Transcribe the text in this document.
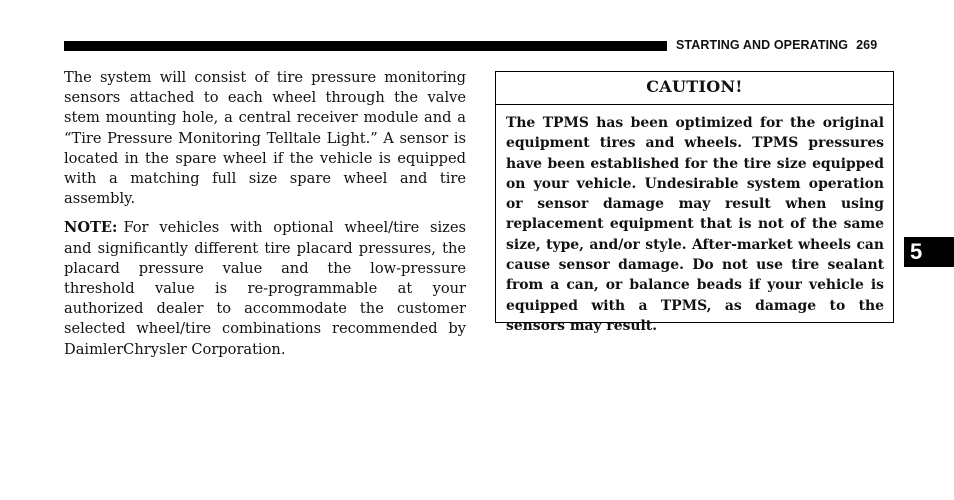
STARTING AND OPERATING 269

The system will consist of tire pressure monitoring sensors attached to each wheel through the valve stem mounting hole, a central receiver module and a “Tire Pressure Monitoring Telltale Light.” A sensor is located in the spare wheel if the vehicle is equipped with a matching full size spare wheel and tire assembly.

NOTE: For vehicles with optional wheel/tire sizes and significantly different tire placard pressures, the placard pressure value and the low-pressure threshold value is re-programmable at your authorized dealer to accommodate the customer selected wheel/tire combinations recommended by DaimlerChrysler Corporation.

CAUTION!
The TPMS has been optimized for the original equipment tires and wheels. TPMS pressures have been established for the tire size equipped on your vehicle. Undesirable system operation or sensor damage may result when using replacement equipment that is not of the same size, type, and/or style. After-market wheels can cause sensor damage. Do not use tire sealant from a can, or balance beads if your vehicle is equipped with a TPMS, as damage to the sensors may result.
5
